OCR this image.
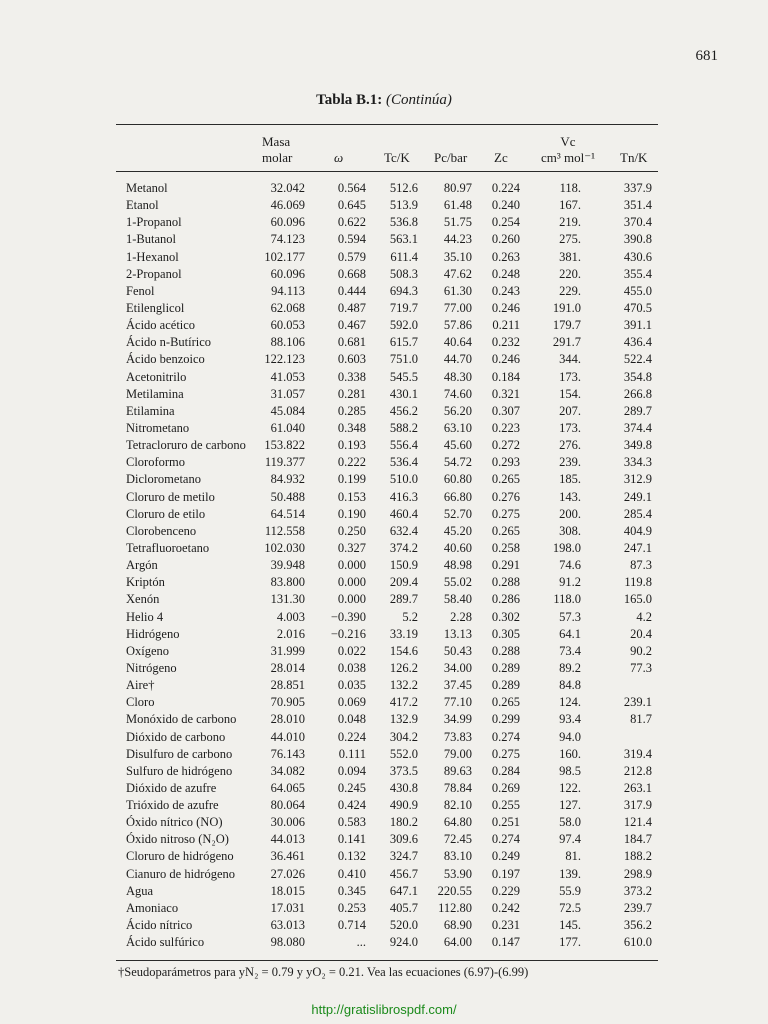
681
Tabla B.1: (Continúa)
Masa
molar	ω	Tc/K Pc/bar Zc
Vc
cm³ mol⁻¹	Tn/K
Metanol	32.042	0.564 512.6 80.97 0.224	118.	337.9
Etanol	46.069	0.645 513.9 61.48 0.240	167.	351.4
1-Propanol	60.096	0.622 536.8 51.75 0.254	219.	370.4
1-Butanol	74.123	0.594 563.1 44.23 0.260	275.	390.8
1-Hexanol	102.177	0.579 611.4 35.10 0.263	381.	430.6
2-Propanol	60.096	0.668 508.3 47.62 0.248	220.	355.4
Fenol	94.113	0.444 694.3 61.30 0.243	229.	455.0
Etilenglicol	62.068	0.487 719.7 77.00 0.246	191.0	470.5
Ácido acético	60.053	0.467 592.0 57.86 0.211	179.7	391.1
Ácido n-Butírico	88.106	0.681 615.7 40.64 0.232	291.7	436.4
Ácido benzoico	122.123	0.603 751.0 44.70 0.246	344.	522.4
Acetonitrilo	41.053	0.338 545.5 48.30 0.184	173.	354.8
Metilamina	31.057	0.281 430.1 74.60 0.321	154.	266.8
Etilamina	45.084	0.285 456.2 56.20 0.307	207.	289.7
Nitrometano	61.040	0.348 588.2 63.10 0.223	173.	374.4
Tetracloruro de carbono 153.822	0.193 556.4 45.60 0.272	276.	349.8
Cloroformo	119.377	0.222 536.4 54.72 0.293	239.	334.3
Diclorometano	84.932	0.199 510.0 60.80 0.265	185.	312.9
Cloruro de metilo	50.488	0.153 416.3 66.80 0.276	143.	249.1
Cloruro de etilo	64.514	0.190 460.4 52.70 0.275	200.	285.4
Clorobenceno	112.558	0.250 632.4 45.20 0.265	308.	404.9
Tetrafluoroetano	102.030	0.327 374.2 40.60 0.258	198.0	247.1
Argón	39.948	0.000 150.9 48.98 0.291	74.6	87.3
Kriptón	83.800	0.000 209.4 55.02 0.288	91.2	119.8
Xenón	131.30	0.000 289.7 58.40 0.286	118.0	165.0
Helio 4	4.003 −0.390	5.2	2.28 0.302	57.3	4.2
Hidrógeno	2.016 −0.216 33.19 13.13 0.305	64.1	20.4
Oxígeno	31.999	0.022 154.6 50.43 0.288	73.4	90.2
Nitrógeno	28.014	0.038 126.2 34.00 0.289	89.2	77.3
Aire†	28.851	0.035 132.2 37.45 0.289	84.8
Cloro	70.905	0.069 417.2 77.10 0.265	124.	239.1
Monóxido de carbono	28.010	0.048 132.9 34.99 0.299	93.4	81.7
Dióxido de carbono	44.010	0.224 304.2 73.83 0.274	94.0
Disulfuro de carbono	76.143	0.111 552.0 79.00 0.275	160.	319.4
Sulfuro de hidrógeno	34.082	0.094 373.5 89.63 0.284	98.5	212.8
Dióxido de azufre	64.065	0.245 430.8 78.84 0.269	122.	263.1
Trióxido de azufre	80.064	0.424 490.9 82.10 0.255	127.	317.9
Óxido nítrico (NO)	30.006	0.583 180.2 64.80 0.251	58.0	121.4
Óxido nitroso (N₂O)	44.013	0.141 309.6 72.45 0.274	97.4	184.7
Cloruro de hidrógeno	36.461	0.132 324.7 83.10 0.249	81.	188.2
Cianuro de hidrógeno	27.026	0.410 456.7 53.90 0.197	139.	298.9
Agua	18.015	0.345 647.1 220.55 0.229	55.9	373.2
Amoniaco	17.031	0.253 405.7 112.80 0.242	72.5	239.7
Ácido nítrico	63.013	0.714 520.0 68.90 0.231	145.	356.2
Ácido sulfúrico	98.080	... 924.0 64.00 0.147	177.	610.0
†Seudoparámetros para yN₂ = 0.79 y yO₂ = 0.21. Vea las ecuaciones (6.97)-(6.99)
http://gratislibrospdf.com/
